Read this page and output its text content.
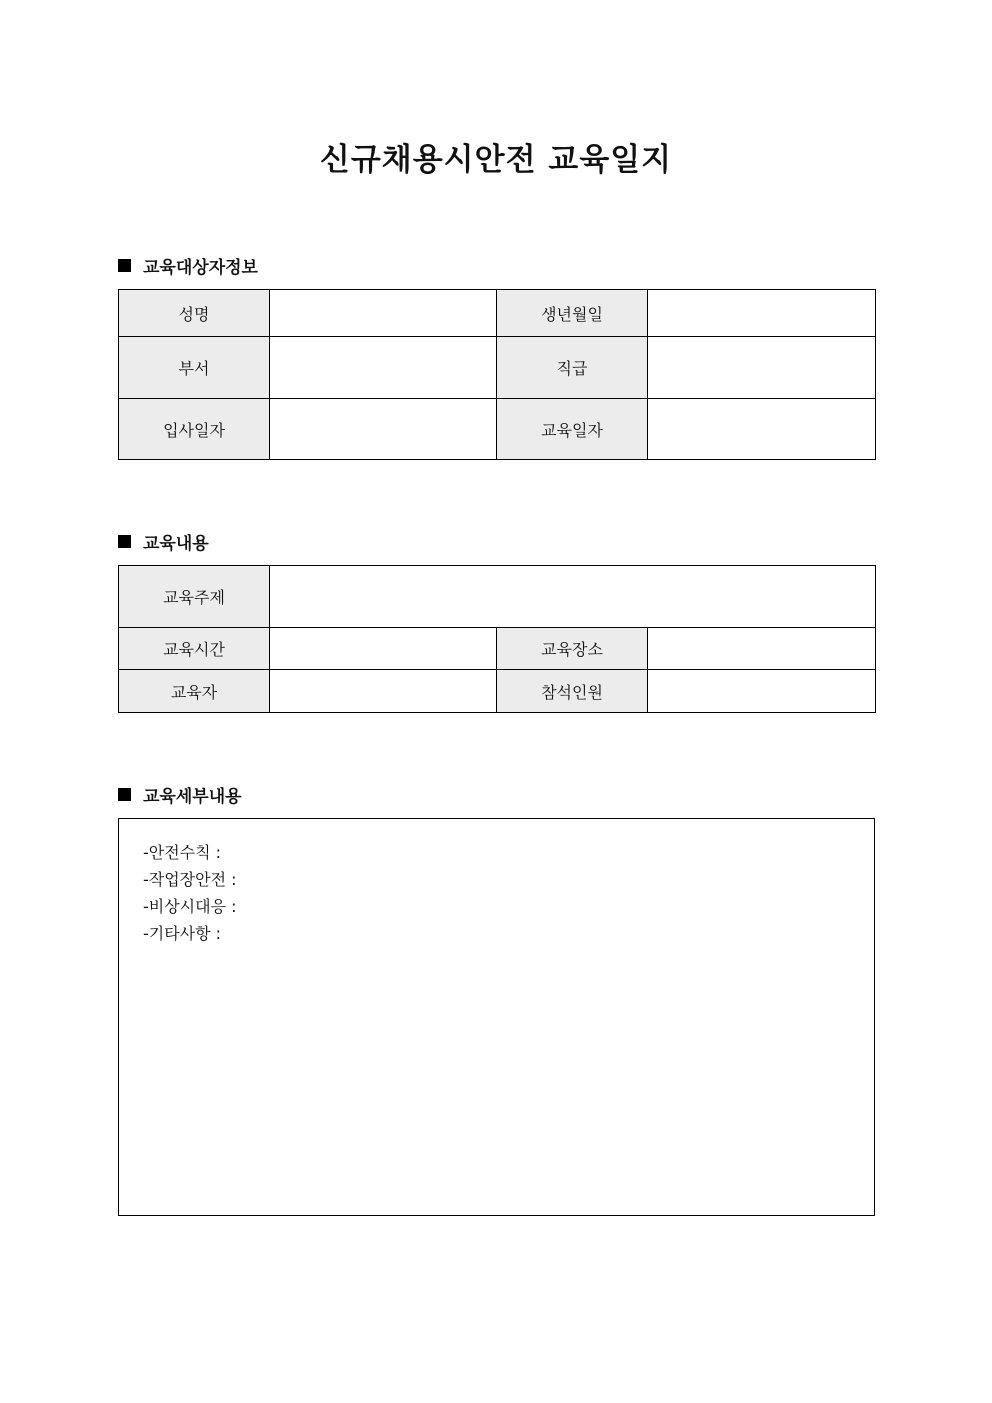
신규채용시안전 교육일지
교육대상자정보
성명		생년월일	
부서		직급	
입사일자		교육일자	
교육내용
교육주제			
교육시간		교육장소	
교육자		참석인원	
교육세부내용
-안전수칙 :
-작업장안전 :
-비상시대응 :
-기타사항 :
